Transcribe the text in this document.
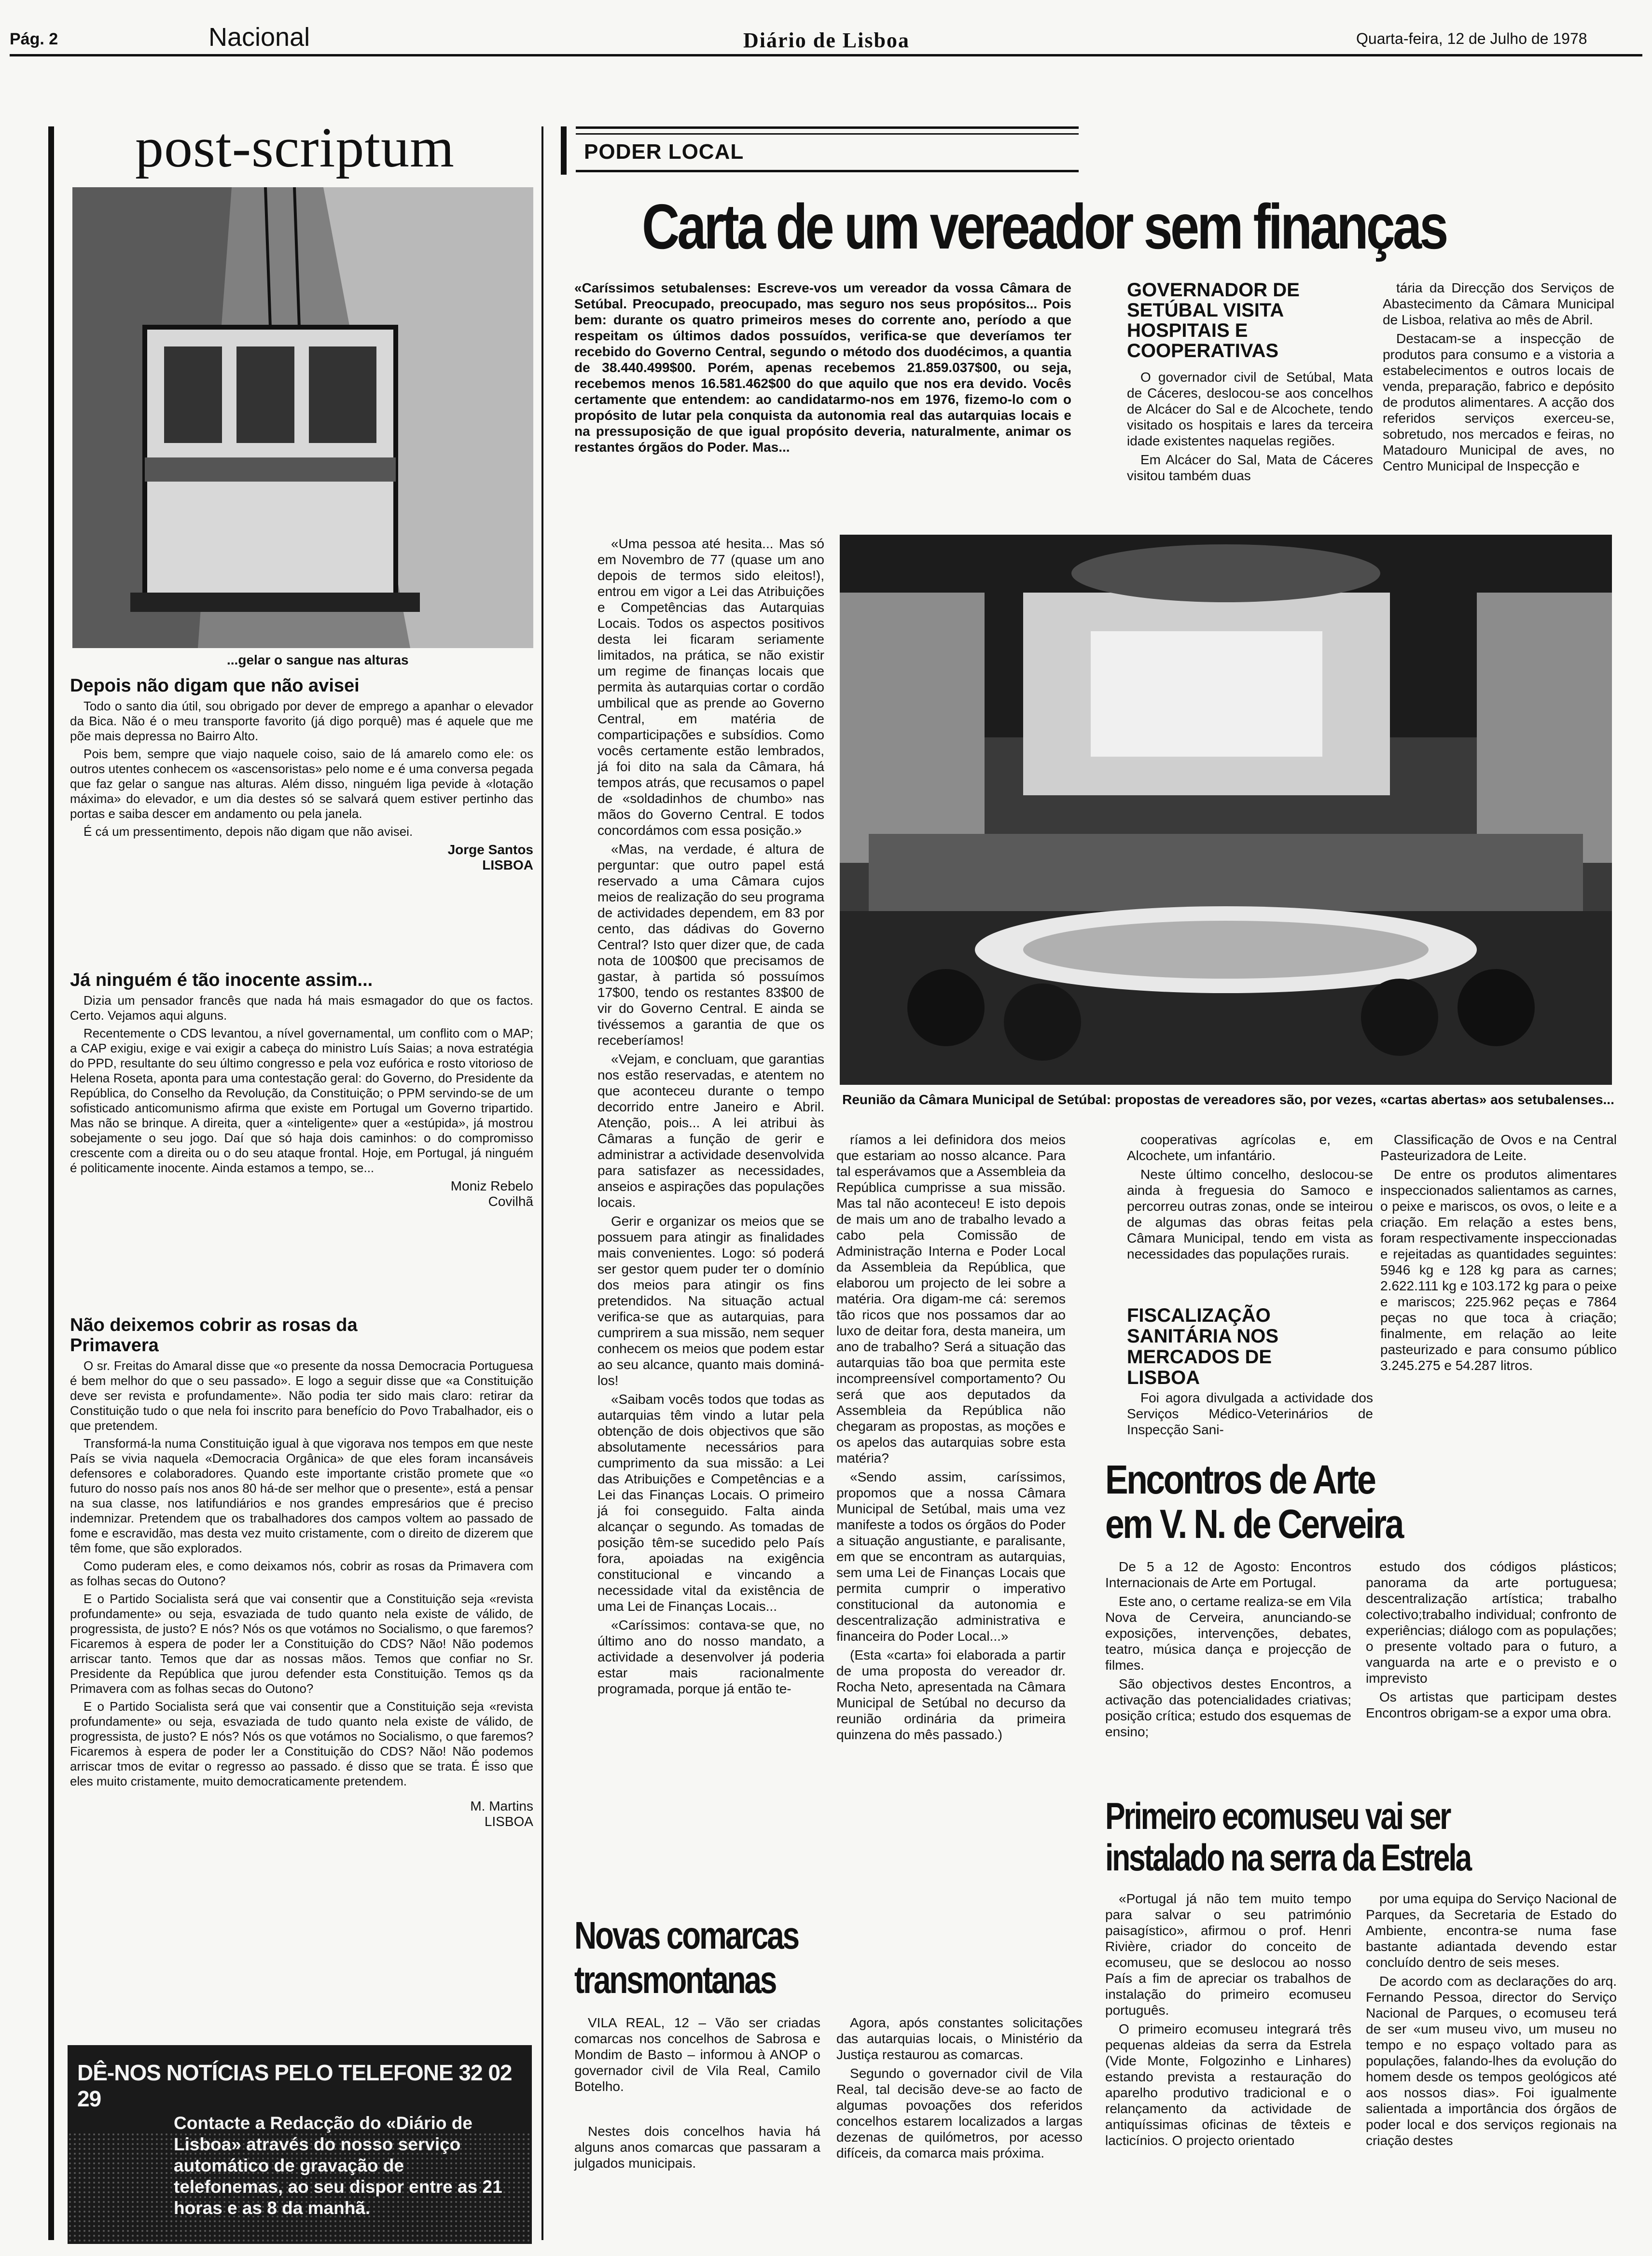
Pág. 2	Nacional	Diário de Lisboa	Quarta-feira, 12 de Julho de 1978
post-scriptum
...gelar o sangue nas alturas
Depois não digam que não avisei

Todo o santo dia útil, sou obrigado por dever de emprego a apanhar o elevador da Bica. Não é o meu transporte favorito (já digo porquê) mas é aquele que me põe mais depressa no Bairro Alto.

Pois bem, sempre que viajo naquele coiso, saio de lá amarelo como ele: os outros utentes conhecem os «ascensoristas» pelo nome e é uma conversa pegada que faz gelar o sangue nas alturas. Além disso, ninguém liga pevide à «lotação máxima» do elevador, e um dia destes só se salvará quem estiver pertinho das portas e saiba descer em andamento ou pela janela.

É cá um pressentimento, depois não digam que não avisei.

Jorge Santos
LISBOA
Já ninguém é tão inocente assim...

Dizia um pensador francês que nada há mais esmagador do que os factos. Certo. Vejamos aqui alguns.

Recentemente o CDS levantou, a nível governamental, um conflito com o MAP; a CAP exigiu, exige e vai exigir a cabeça do ministro Luís Saias; a nova estratégia do PPD, resultante do seu último congresso e pela voz eufórica e rosto vitorioso de Helena Roseta, aponta para uma contestação geral: do Governo, do Presidente da República, do Conselho da Revolução, da Constituição; o PPM servindo-se de um sofisticado anticomunismo afirma que existe em Portugal um Governo tripartido. Mas não se brinque. A direita, quer a «inteligente» quer a «estúpida», já mostrou sobejamente o seu jogo. Daí que só haja dois caminhos: o do compromisso crescente com a direita ou o do seu ataque frontal. Hoje, em Portugal, já ninguém é politicamente inocente. Ainda estamos a tempo, se...

Moniz Rebelo
Covilhã
Não deixemos cobrir as rosas da Primavera

O sr. Freitas do Amaral disse que «o presente da nossa Democracia Portuguesa é bem melhor do que o seu passado». E logo a seguir disse que «a Constituição deve ser revista e profundamente». Não podia ter sido mais claro: retirar da Constituição tudo o que nela foi inscrito para benefício do Povo Trabalhador, eis o que pretendem.

Transformá-la numa Constituição igual à que vigorava nos tempos em que neste País se vivia naquela «Democracia Orgânica» de que eles foram incansáveis defensores e colaboradores. Quando este importante cristão promete que «o futuro do nosso país nos anos 80 há-de ser melhor que o presente», está a pensar na sua classe, nos latifundiários e nos grandes empresários que é preciso indemnizar. Pretendem que os trabalhadores dos campos voltem ao passado de fome e escravidão, mas desta vez muito cristamente, com o direito de dizerem que têm fome, que são explorados.

Como puderam eles, e como deixamos nós, cobrir as rosas da Primavera com as folhas secas do Outono?

E o Partido Socialista será que vai consentir que a Constituição seja «revista profundamente» ou seja, esvaziada de tudo quanto nela existe de válido, de progressista, de justo? E nós? Nós os que votámos no Socialismo, o que faremos? Ficaremos à espera de poder ler a Constituição do CDS? Não! Não podemos arriscar tanto. Temos que dar as nossas mãos. Temos que confiar no Sr. Presidente da República que jurou defender esta Constituição. Temos qs da Primavera com as folhas secas do Outono?

E o Partido Socialista será que vai consentir que a Constituição seja «revista profundamente» ou seja, esvaziada de tudo quanto nela existe de válido, de progressista, de justo? E nós? Nós os que votámos no Socialismo, o que faremos? Ficaremos à espera de poder ler a Constituição do CDS? Não! Não podemos arriscar tmos de evitar o regresso ao passado. é disso que se trata. É isso que eles muito cristamente, muito democraticamente pretendem.

M. Martins
LISBOA
DÊ-NOS NOTÍCIAS PELO TELEFONE 32 02 29
Contacte a Redacção do «Diário de Lisboa» através do nosso serviço automático de gravação de telefonemas, ao seu dispor entre as 21 horas e as 8 da manhã.
PODER LOCAL
Carta de um vereador sem finanças
«Caríssimos setubalenses: Escreve-vos um vereador da vossa Câmara de Setúbal. Preocupado, preocupado, mas seguro nos seus propósitos... Pois bem: durante os quatro primeiros meses do corrente ano, período a que respeitam os últimos dados possuídos, verifica-se que deveríamos ter recebido do Governo Central, segundo o método dos duodécimos, a quantia de 38.440.499$00. Porém, apenas recebemos 21.859.037$00, ou seja, recebemos menos 16.581.462$00 do que aquilo que nos era devido. Vocês certamente que entendem: ao candidatarmo-nos em 1976, fizemo-lo com o propósito de lutar pela conquista da autonomia real das autarquias locais e na pressuposição de que igual propósito deveria, naturalmente, animar os restantes órgãos do Poder. Mas...

«Uma pessoa até hesita... Mas só em Novembro de 77 (quase um ano depois de termos sido eleitos!), entrou em vigor a Lei das Atribuições e Competências das Autarquias Locais. Todos os aspectos positivos desta lei ficaram seriamente limitados, na prática, se não existir um regime de finanças locais que permita às autarquias cortar o cordão umbilical que as prende ao Governo Central, em matéria de comparticipações e subsídios. Como vocês certamente estão lembrados, já foi dito na sala da Câmara, há tempos atrás, que recusamos o papel de «soldadinhos de chumbo» nas mãos do Governo Central. E todos concordámos com essa posição.»

«Mas, na verdade, é altura de perguntar: que outro papel está reservado a uma Câmara cujos meios de realização do seu programa de actividades dependem, em 83 por cento, das dádivas do Governo Central? Isto quer dizer que, de cada nota de 100$00 que precisamos de gastar, à partida só possuímos 17$00, tendo os restantes 83$00 de vir do Governo Central. E ainda se tivéssemos a garantia de que os receberíamos!

«Vejam, e concluam, que garantias nos estão reservadas, e atentem no que aconteceu durante o tempo decorrido entre Janeiro e Abril. Atenção, pois... A lei atribui às Câmaras a função de gerir e administrar a actividade desenvolvida para satisfazer as necessidades, anseios e aspirações das populações locais.

Gerir e organizar os meios que se possuem para atingir as finalidades mais convenientes. Logo: só poderá ser gestor quem puder ter o domínio dos meios para atingir os fins pretendidos. Na situação actual verifica-se que as autarquias, para cumprirem a sua missão, nem sequer conhecem os meios que podem estar ao seu alcance, quanto mais dominá-los!

«Saibam vocês todos que todas as autarquias têm vindo a lutar pela obtenção de dois objectivos que são absolutamente necessários para cumprimento da sua missão: a Lei das Atribuições e Competências e a Lei das Finanças Locais. O primeiro já foi conseguido. Falta ainda alcançar o segundo. As tomadas de posição têm-se sucedido pelo País fora, apoiadas na exigência constitucional e vincando a necessidade vital da existência de uma Lei de Finanças Locais...

«Caríssimos: contava-se que, no último ano do nosso mandato, a actividade a desenvolver já poderia estar mais racionalmente programada, porque já então te-

Reunião da Câmara Municipal de Setúbal: propostas de vereadores são, por vezes, «cartas abertas» aos setubalenses...

ríamos a lei definidora dos meios que estariam ao nosso alcance. Para tal esperávamos que a Assembleia da República cumprisse a sua missão. Mas tal não aconteceu! E isto depois de mais um ano de trabalho levado a cabo pela Comissão de Administração Interna e Poder Local da Assembleia da República, que elaborou um projecto de lei sobre a matéria. Ora digam-me cá: seremos tão ricos que nos possamos dar ao luxo de deitar fora, desta maneira, um ano de trabalho? Será a situação das autarquias tão boa que permita este incompreensível comportamento? Ou será que aos deputados da Assembleia da República não chegaram as propostas, as moções e os apelos das autarquias sobre esta matéria?

«Sendo assim, caríssimos, propomos que a nossa Câmara Municipal de Setúbal, mais uma vez manifeste a todos os órgãos do Poder a situação angustiante, e paralisante, em que se encontram as autarquias, sem uma Lei de Finanças Locais que permita cumprir o imperativo constitucional da autonomia e descentralização administrativa e financeira do Poder Local...»

(Esta «carta» foi elaborada a partir de uma proposta do vereador dr. Rocha Neto, apresentada na Câmara Municipal de Setúbal no decurso da reunião ordinária da primeira quinzena do mês passado.)

GOVERNADOR DE SETÚBAL VISITA HOSPITAIS E COOPERATIVAS

O governador civil de Setúbal, Mata de Cáceres, deslocou-se aos concelhos de Alcácer do Sal e de Alcochete, tendo visitado os hospitais e lares da terceira idade existentes naquelas regiões.

Em Alcácer do Sal, Mata de Cáceres visitou também duas

cooperativas agrícolas e, em Alcochete, um infantário.

Neste último concelho, deslocou-se ainda à freguesia do Samoco e percorreu outras zonas, onde se inteirou de algumas das obras feitas pela Câmara Municipal, tendo em vista as necessidades das populações rurais.

FISCALIZAÇÃO SANITÁRIA NOS MERCADOS DE LISBOA

Foi agora divulgada a actividade dos Serviços Médico-Veterinários de Inspecção Sani-

tária da Direcção dos Serviços de Abastecimento da Câmara Municipal de Lisboa, relativa ao mês de Abril.

Destacam-se a inspecção de produtos para consumo e a vistoria a estabelecimentos e outros locais de venda, preparação, fabrico e depósito de produtos alimentares. A acção dos referidos serviços exerceu-se, sobretudo, nos mercados e feiras, no Matadouro Municipal de aves, no Centro Municipal de Inspecção e

Classificação de Ovos e na Central Pasteurizadora de Leite.

De entre os produtos alimentares inspeccionados salientamos as carnes, o peixe e mariscos, os ovos, o leite e a criação. Em relação a estes bens, foram respectivamente inspeccionadas e rejeitadas as quantidades seguintes: 5946 kg e 128 kg para as carnes; 2.622.111 kg e 103.172 kg para o peixe e mariscos; 225.962 peças e 7864 peças no que toca à criação; finalmente, em relação ao leite pasteurizado e para consumo público 3.245.275 e 54.287 litros.

Encontros de Arte
em V. N. de Cerveira

De 5 a 12 de Agosto: Encontros Internacionais de Arte em Portugal.

Este ano, o certame realiza-se em Vila Nova de Cerveira, anunciando-se exposições, intervenções, debates, teatro, música dança e projecção de filmes.

São objectivos destes Encontros, a activação das potencialidades criativas; posição crítica; estudo dos esquemas de ensino;

estudo dos códigos plásticos; panorama da arte portuguesa; descentralização artística; trabalho colectivo;trabalho individual; confronto de experiências; diálogo com as populações; o presente voltado para o futuro, a vanguarda na arte e o previsto e o imprevisto

Os artistas que participam destes Encontros obrigam-se a expor uma obra.

Primeiro ecomuseu vai ser
instalado na serra da Estrela

«Portugal já não tem muito tempo para salvar o seu património paisagístico», afirmou o prof. Henri Rivière, criador do conceito de ecomuseu, que se deslocou ao nosso País a fim de apreciar os trabalhos de instalação do primeiro ecomuseu português.

O primeiro ecomuseu integrará três pequenas aldeias da serra da Estrela (Vide Monte, Folgozinho e Linhares) estando prevista a restauração do aparelho produtivo tradicional e o relançamento da actividade de antiquíssimas oficinas de têxteis e lacticínios. O projecto orientado

por uma equipa do Serviço Nacional de Parques, da Secretaria de Estado do Ambiente, encontra-se numa fase bastante adiantada devendo estar concluído dentro de seis meses.

De acordo com as declarações do arq. Fernando Pessoa, director do Serviço Nacional de Parques, o ecomuseu terá de ser «um museu vivo, um museu no tempo e no espaço voltado para as populações, falando-lhes da evolução do homem desde os tempos geológicos até aos nossos dias». Foi igualmente salientada a importância dos órgãos de poder local e dos serviços regionais na criação destes

Novas comarcas
transmontanas

VILA REAL, 12 – Vão ser criadas comarcas nos concelhos de Sabrosa e Mondim de Basto – informou à ANOP o governador civil de Vila Real, Camilo Botelho.

Nestes dois concelhos havia há alguns anos comarcas que passaram a julgados municipais.

Agora, após constantes solicitações das autarquias locais, o Ministério da Justiça restaurou as comarcas.

Segundo o governador civil de Vila Real, tal decisão deve-se ao facto de algumas povoações dos referidos concelhos estarem localizados a largas dezenas de quilómetros, por acesso difíceis, da comarca mais próxima.
